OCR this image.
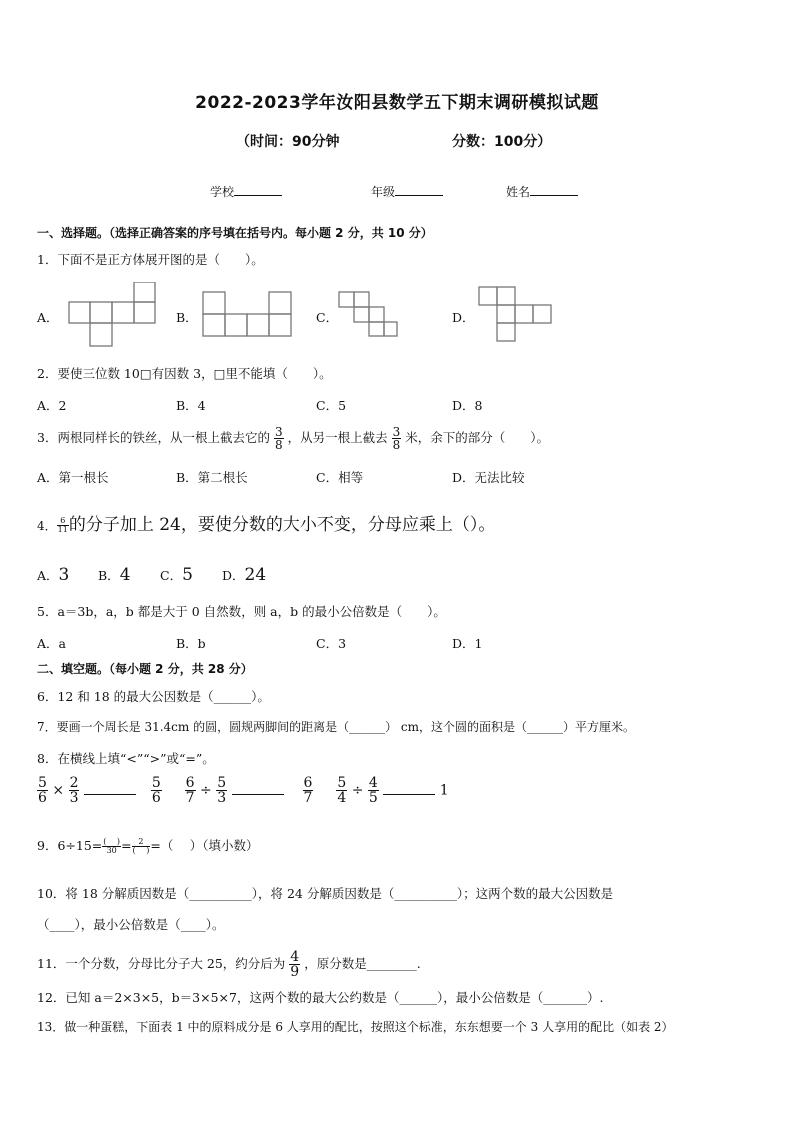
2022-2023学年汝阳县数学五下期末调研模拟试题
（时间：90分钟	分数：100分）
学校	年级	姓名
一、选择题。（选择正确答案的序号填在括号内。每小题 2 分，共 10 分）
1．下面不是正方体展开图的是（　　）。
A．	B．	C．	D．
2．要使三位数 10□有因数 3，□里不能填（　　）。
A．2	B．4	C．5	D．8
3．两根同样长的铁丝，从一根上截去它的 $\frac{3}{8}$ ，从另一根上截去 $\frac{3}{8}$ 米，余下的部分（　　）。
A．第一根长	B．第二根长	C．相等	D．无法比较
4． $\frac{6}{11}$ 的分子加上 24，要使分数的大小不变，分母应乘上（）。
A．3 B．4 C．5 D．24
5．a＝3b，a，b 都是大于 0 自然数，则 a，b 的最小公倍数是（　　）。
A．a	B．b	C．3	D．1
二、填空题。（每小题 2 分，共 28 分）
6．12 和 18 的最大公因数是（______）。
7．要画一个周长是 31.4cm 的圆，圆规两脚间的距离是（______） cm，这个圆的面积是（______）平方厘米。
8．在横线上填“<”“>”或“=”。
$\frac{5}{6} \times \frac{2}{3}$
	$\frac{5}{6}$
$\frac{6}{7} \div \frac{5}{3}$
	$\frac{6}{7}$
$\frac{5}{4} \div \frac{4}{5}$	1
9．$6\div 15= \frac{( )}{30} = \frac{2}{( )}$ =（　 ）（填小数）
10．将 18 分解质因数是（__________），将 24 分解质因数是（__________）；这两个数的最大公因数是
（____），最小公倍数是（____）。
11．一个分数，分母比分子大 25，约分后为 $\frac{4}{9}$ ，原分数是________.
12．已知 a＝2×3×5，b＝3×5×7，这两个数的最大公约数是（______），最小公倍数是（_______）.
13．做一种蛋糕，下面表 1 中的原料成分是 6 人享用的配比，按照这个标准，东东想要一个 3 人享用的配比（如表 2）
